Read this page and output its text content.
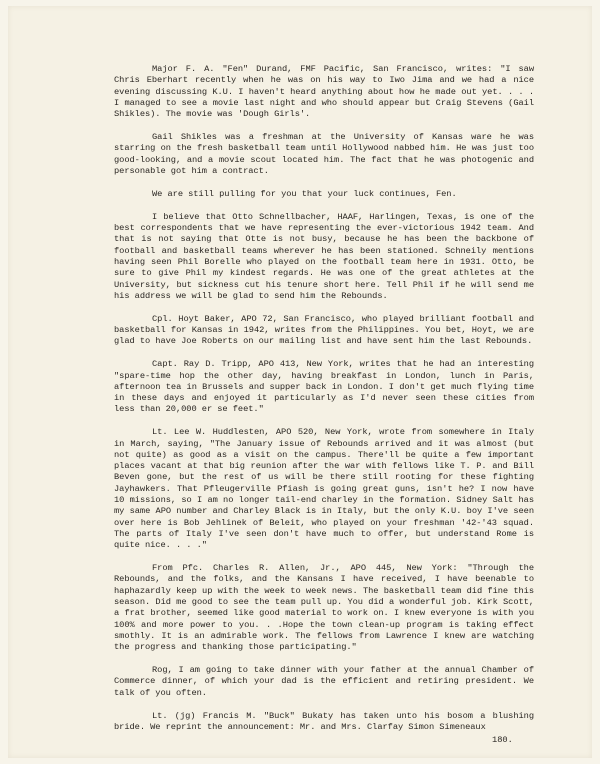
Major F. A. "Fen" Durand, FMF Pacific, San Francisco, writes: "I saw Chris Eberhart recently when he was on his way to Iwo Jima and we had a nice evening discussing K.U. I haven't heard anything about how he made out yet. . . . I managed to see a movie last night and who should appear but Craig Stevens (Gail Shikles). The movie was 'Dough Girls'.

Gail Shikles was a freshman at the University of Kansas ware he was starring on the fresh basketball team until Hollywood nabbed him. He was just too good-looking, and a movie scout located him. The fact that he was photogenic and personable got him a contract.

We are still pulling for you that your luck continues, Fen.

I believe that Otto Schnellbacher, HAAF, Harlingen, Texas, is one of the best correspondents that we have representing the ever-victorious 1942 team. And that is not saying that Otte is not busy, because he has been the backbone of football and basketball teams wherever he has been stationed. Schneily mentions having seen Phil Borelle who played on the football team here in 1931. Otto, be sure to give Phil my kindest regards. He was one of the great athletes at the University, but sickness cut his tenure short here. Tell Phil if he will send me his address we will be glad to send him the Rebounds.

Cpl. Hoyt Baker, APO 72, San Francisco, who played brilliant football and basketball for Kansas in 1942, writes from the Philippines. You bet, Hoyt, we are glad to have Joe Roberts on our mailing list and have sent him the last Rebounds.

Capt. Ray D. Tripp, APO 413, New York, writes that he had an interesting "spare-time hop the other day, having breakfast in London, lunch in Paris, afternoon tea in Brussels and supper back in London. I don't get much flying time in these days and enjoyed it particularly as I'd never seen these cities from less than 20,000 er se feet."

Lt. Lee W. Huddlesten, APO 520, New York, wrote from somewhere in Italy in March, saying, "The January issue of Rebounds arrived and it was almost (but not quite) as good as a visit on the campus. There'll be quite a few important places vacant at that big reunion after the war with fellows like T. P. and Bill Beven gone, but the rest of us will be there still rooting for these fighting Jayhawkers. That Pfleugerville Pfiash is going great guns, isn't he? I now have 10 missions, so I am no longer tail-end charley in the formation. Sidney Salt has my same APO number and Charley Black is in Italy, but the only K.U. boy I've seen over here is Bob Jehlinek of Beleit, who played on your freshman '42-'43 squad. The parts of Italy I've seen don't have much to offer, but understand Rome is quite nice. . . ."

From Pfc. Charles R. Allen, Jr., APO 445, New York: "Through the Rebounds, and the folks, and the Kansans I have received, I have beenable to haphazardly keep up with the week to week news. The basketball team did fine this season. Did me good to see the team pull up. You did a wonderful job. Kirk Scott, a frat brother, seemed like good material to work on. I knew everyone is with you 100% and more power to you. . .Hope the town clean-up program is taking effect smothly. It is an admirable work. The fellows from Lawrence I knew are watching the progress and thanking those participating."

Rog, I am going to take dinner with your father at the annual Chamber of Commerce dinner, of which your dad is the efficient and retiring president. We talk of you often.

Lt. (jg) Francis M. "Buck" Bukaty has taken unto his bosom a blushing bride. We reprint the announcement: Mr. and Mrs. Clarfay Simon Simeneaux

180.
